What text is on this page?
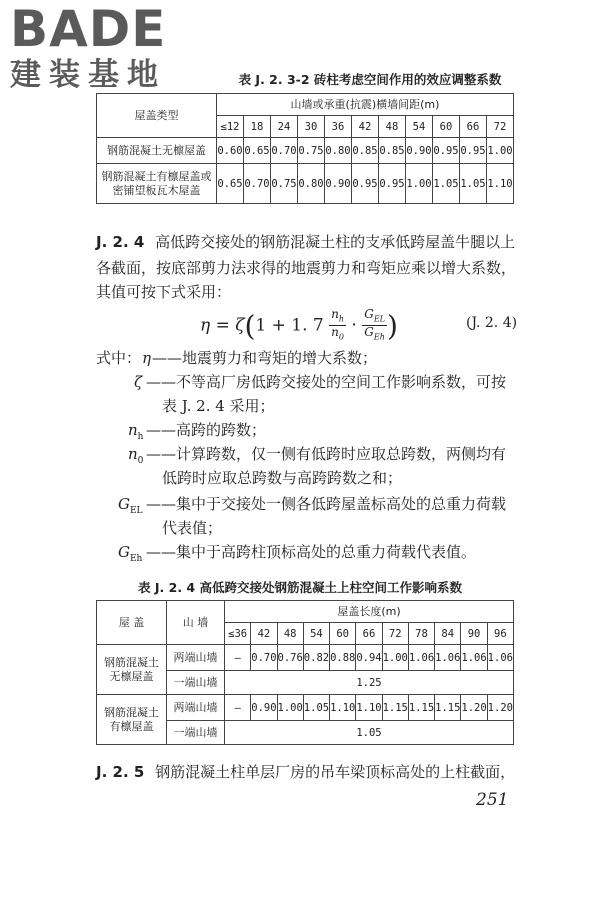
BADE
建装基地	表 J. 2. 3-2 砖柱考虑空间作用的效应调整系数
屋盖类型	山墙或承重(抗震)横墙间距(m)										
	≤12	18	24	30	36	42	48	54	60	66	72
钢筋混凝土无檩屋盖	0.60	0.65	0.70	0.75	0.80	0.85	0.85	0.90	0.95	0.95	1.00
钢筋混凝土有檩屋盖或密铺望板瓦木屋盖	0.65	0.70	0.75	0.80	0.90	0.95	0.95	1.00	1.05	1.05	1.10
J. 2. 4 高低跨交接处的钢筋混凝土柱的支承低跨屋盖牛腿以上
各截面，按底部剪力法求得的地震剪力和弯矩应乘以增大系数，
其值可按下式采用：
η = ζ(1 + 1. $7 \frac{n_h}{n_0} \cdot \frac{G_{EL}}{G_{Eh}}$ )	(J. 2. 4)
式中： η ——地震剪力和弯矩的增大系数；
ζ ——不等高厂房低跨交接处的空间工作影响系数，可按
表 J. 2. 4 采用；
$n_h$ ——高跨的跨数；
$n_0$ ——计算跨数，仅一侧有低跨时应取总跨数，两侧均有
低跨时应取总跨数与高跨跨数之和；
$G_{EL}$ ——集中于交接处一侧各低跨屋盖标高处的总重力荷载
代表值；
$G_{Eh}$ ——集中于高跨柱顶标高处的总重力荷载代表值。
表 J. 2. 4 高低跨交接处钢筋混凝土上柱空间工作影响系数
屋 盖	山 墙	屋盖长度(m)										
		≤36	42	48	54	60	66	72	78	84	90	96
钢筋混凝土无檩屋盖	两端山墙	—	0.70	0.76	0.82	0.88	0.94	1.00	1.06	1.06	1.06	1.06
	一端山墙	1.25										
钢筋混凝土有檩屋盖	两端山墙	—	0.90	1.00	1.05	1.10	1.10	1.15	1.15	1.15	1.20	1.20
	一端山墙	1.05										
J. 2. 5 钢筋混凝土柱单层厂房的吊车梁顶标高处的上柱截面，
251
